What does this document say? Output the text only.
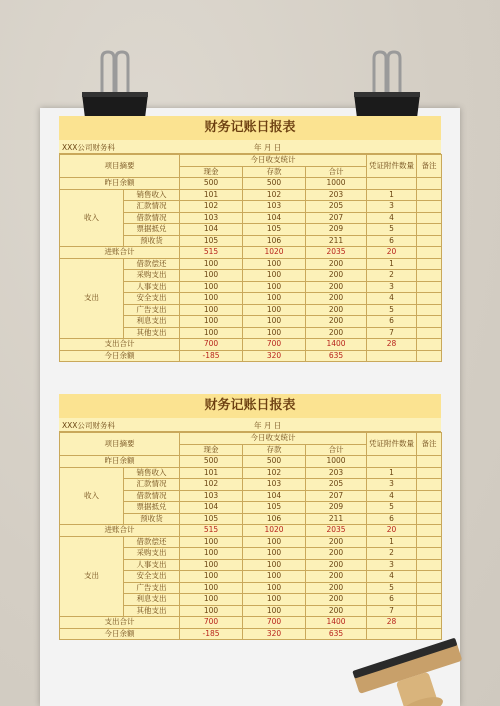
财务记账日报表
XXX公司财务科	年 月 日
项目摘要		今日收支统计			凭证附件数量	备注
		现金	存款	合计		
昨日余额		500	500	1000		
收入	销售收入	101	102	203	1	
	汇款情况	102	103	205	3	
	借款情况	103	104	207	4	
	票据抵兑	104	105	209	5	
	预收货	105	106	211	6	
进账合计		515	1020	2035	20	
支出	借款偿还	100	100	200	1	
	采购支出	100	100	200	2	
	人事支出	100	100	200	3	
	安全支出	100	100	200	4	
	广告支出	100	100	200	5	
	利息支出	100	100	200	6	
	其他支出	100	100	200	7	
支出合计		700	700	1400	28	
今日余额		-185	320	635		
财务记账日报表
XXX公司财务科	年 月 日
项目摘要		今日收支统计			凭证附件数量	备注
		现金	存款	合计		
昨日余额		500	500	1000		
收入	销售收入	101	102	203	1	
	汇款情况	102	103	205	3	
	借款情况	103	104	207	4	
	票据抵兑	104	105	209	5	
	预收货	105	106	211	6	
进账合计		515	1020	2035	20	
支出	借款偿还	100	100	200	1	
	采购支出	100	100	200	2	
	人事支出	100	100	200	3	
	安全支出	100	100	200	4	
	广告支出	100	100	200	5	
	利息支出	100	100	200	6	
	其他支出	100	100	200	7	
支出合计		700	700	1400	28	
今日余额		-185	320	635		
